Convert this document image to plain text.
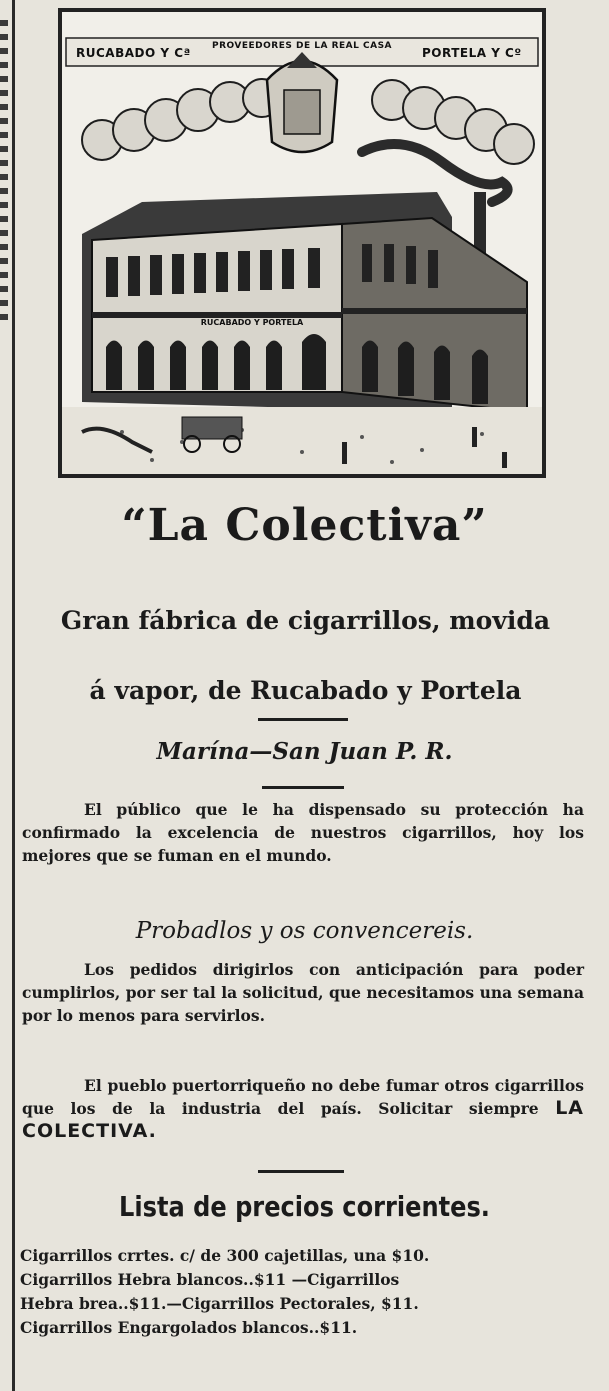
RUCABADO Y Cª PROVEEDORES DE LA REAL CASA PORTELA Y Cº
RUCABADO Y PORTELA
“La Colectiva”
Gran fábrica de cigarrillos, movida
á vapor, de Rucabado y Portela
Marína—San Juan P. R.
El público que le ha dispensado su protección ha confirmado la excelencia de nuestros cigarrillos, hoy los mejores que se fuman en el mundo.
Probadlos y os convencereis.
Los pedidos dirigirlos con anticipación para poder cumplirlos, por ser tal la solicitud, que necesitamos una semana por lo menos para servirlos.
El pueblo puertorriqueño no debe fumar otros cigarrillos que los de la industria del país. Solicitar siempre LA COLECTIVA.
Lista de precios corrientes.
Cigarrillos crrtes. c/ de 300 cajetillas, una $10.
Cigarrillos Hebra blancos..$11 —Cigarrillos
Hebra brea..$11.—Cigarrillos Pectorales, $11.
Cigarrillos Engargolados blancos..$11.
